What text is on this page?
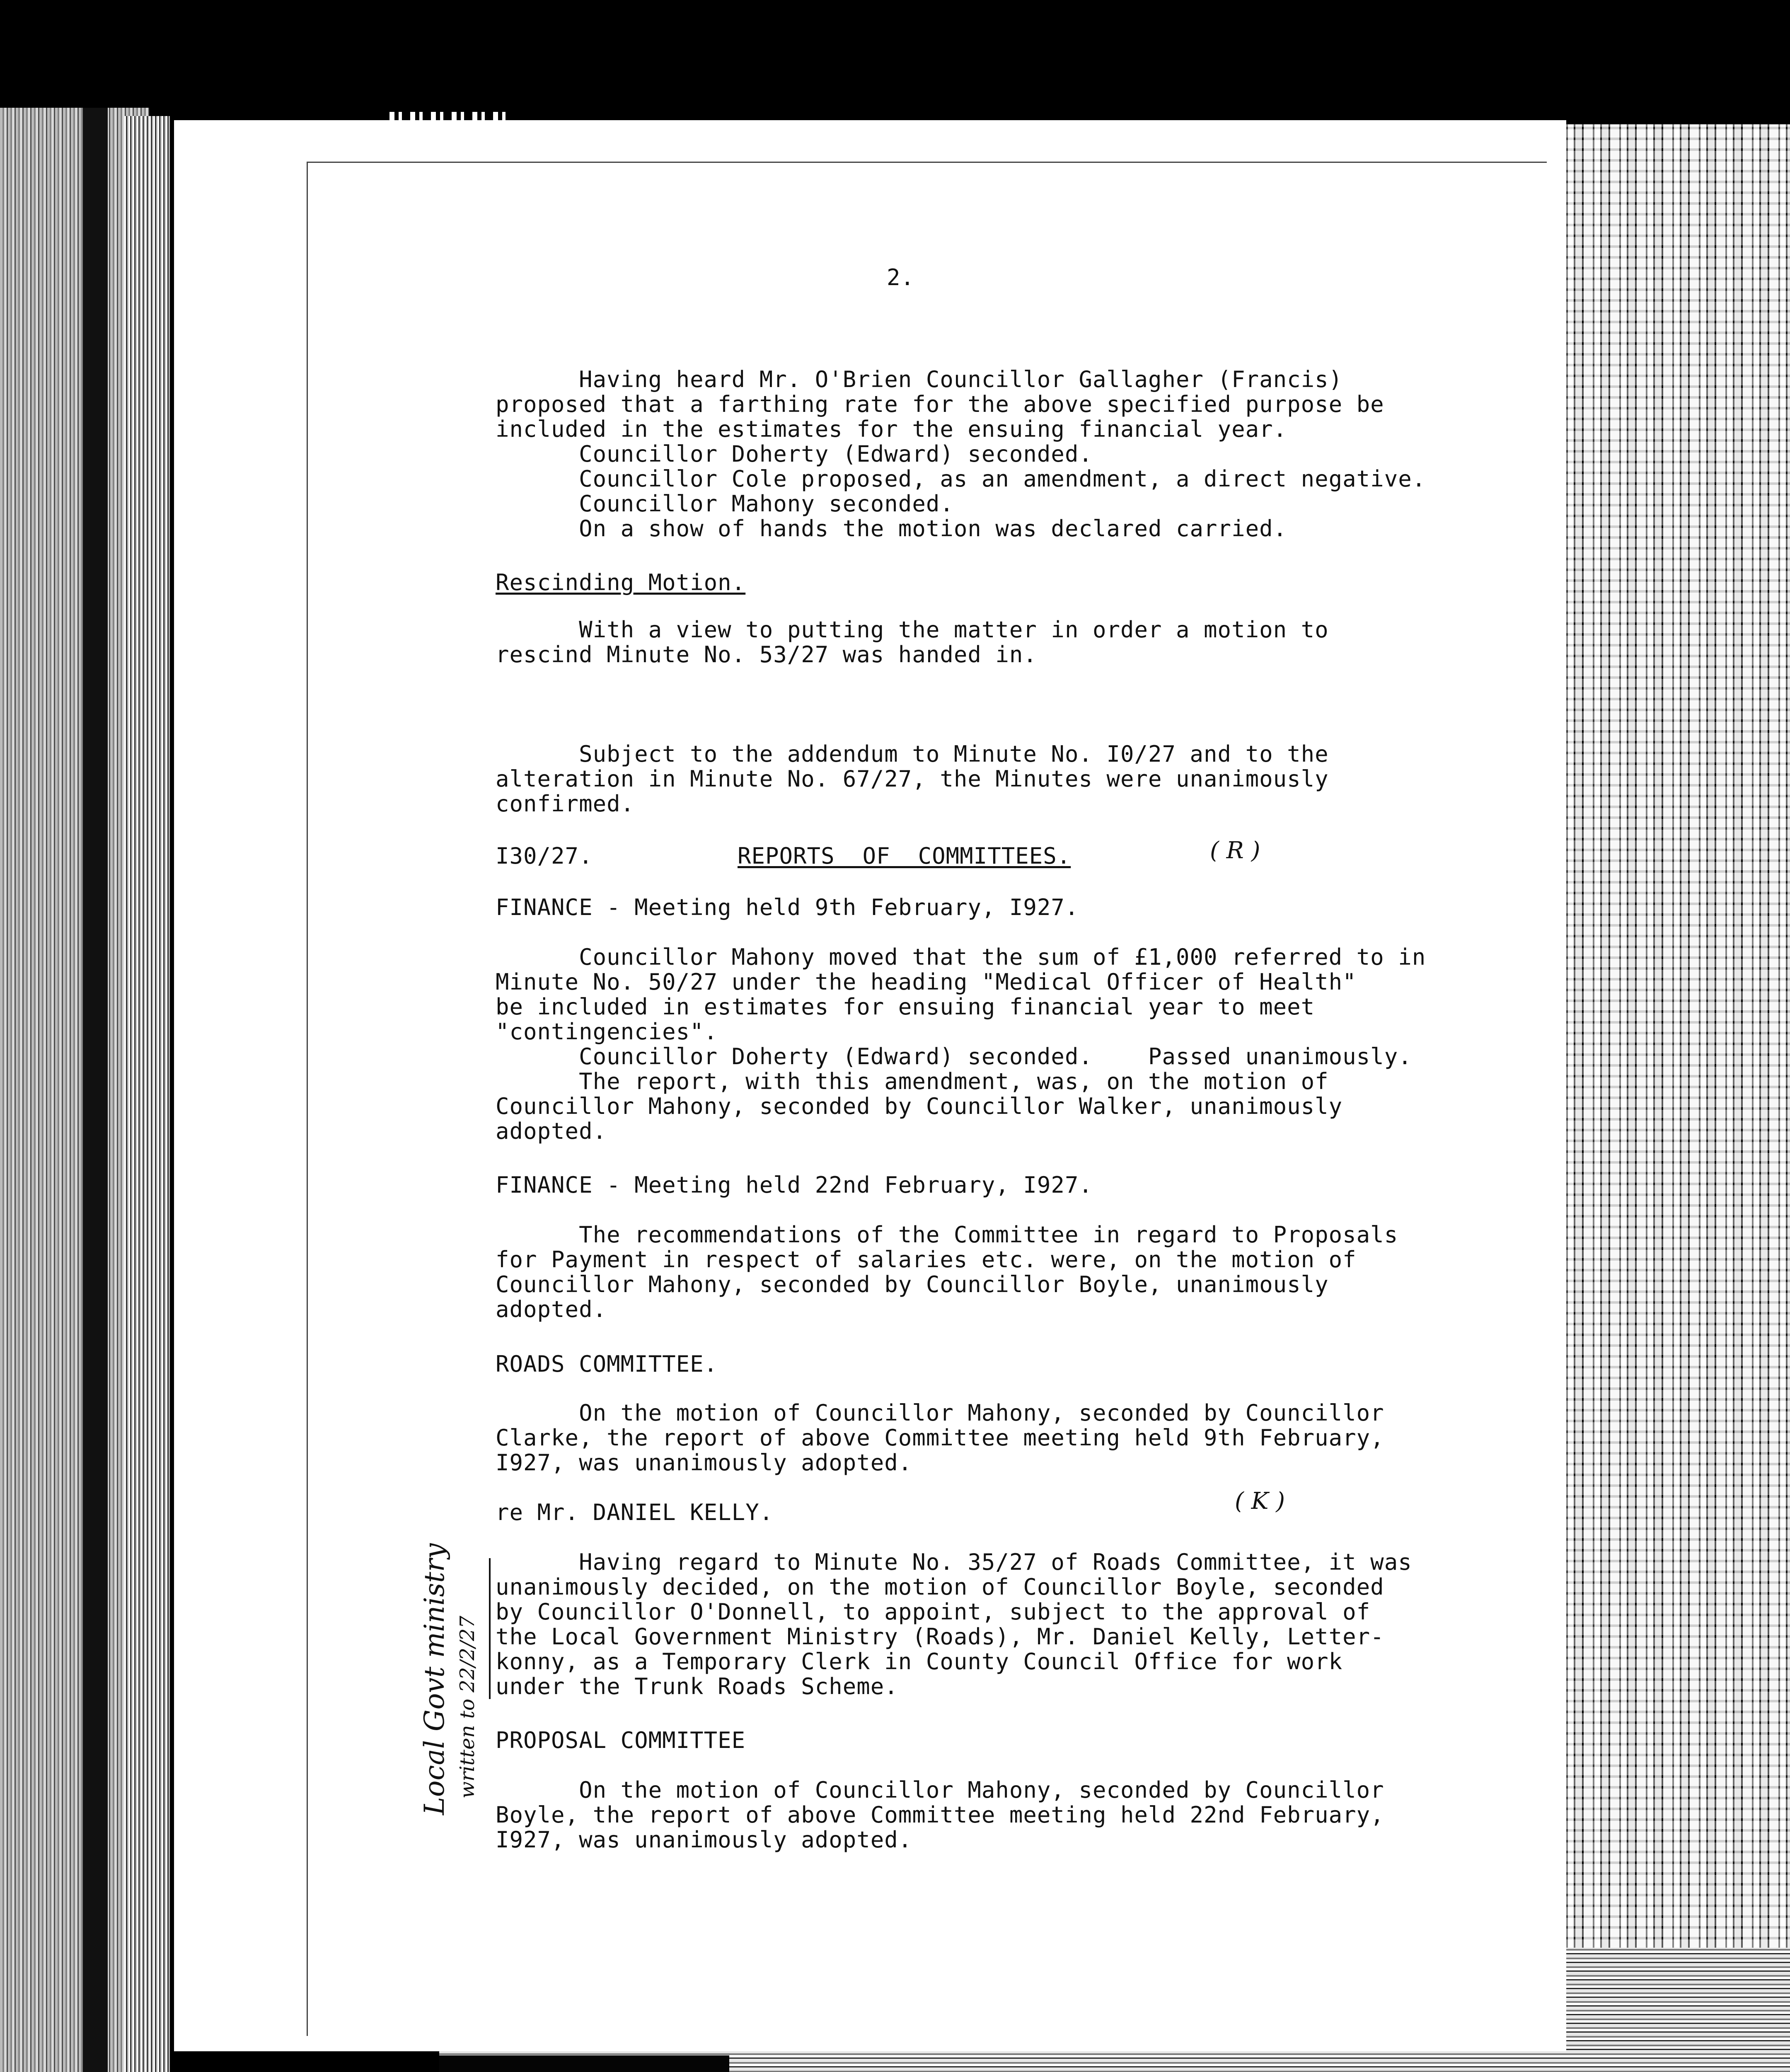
2.
Having heard Mr. O'Brien Councillor Gallagher (Francis)
proposed that a farthing rate for the above specified purpose be
included in the estimates for the ensuing financial year.
Councillor Doherty (Edward) seconded.
Councillor Cole proposed, as an amendment, a direct negative.
Councillor Mahony seconded.
On a show of hands the motion was declared carried.
Rescinding Motion.
With a view to putting the matter in order a motion to
rescind Minute No. 53/27 was handed in.
Subject to the addendum to Minute No. I0/27 and to the
alteration in Minute No. 67/27, the Minutes were unanimously
confirmed.
I30/27.	REPORTS  OF  COMMITTEES.	( R )
FINANCE - Meeting held 9th February, I927.
Councillor Mahony moved that the sum of £1,000 referred to in
Minute No. 50/27 under the heading "Medical Officer of Health"
be included in estimates for ensuing financial year to meet
"contingencies".
Councillor Doherty (Edward) seconded.    Passed unanimously.
The report, with this amendment, was, on the motion of
Councillor Mahony, seconded by Councillor Walker, unanimously
adopted.
FINANCE - Meeting held 22nd February, I927.
The recommendations of the Committee in regard to Proposals
for Payment in respect of salaries etc. were, on the motion of
Councillor Mahony, seconded by Councillor Boyle, unanimously
adopted.
ROADS COMMITTEE.
On the motion of Councillor Mahony, seconded by Councillor
Clarke, the report of above Committee meeting held 9th February,
I927, was unanimously adopted.
re Mr. DANIEL KELLY.	( K )
Having regard to Minute No. 35/27 of Roads Committee, it was
unanimously decided, on the motion of Councillor Boyle, seconded
by Councillor O'Donnell, to appoint, subject to the approval of
the Local Government Ministry (Roads), Mr. Daniel Kelly, Letter-
konny, as a Temporary Clerk in County Council Office for work
under the Trunk Roads Scheme.
PROPOSAL COMMITTEE
On the motion of Councillor Mahony, seconded by Councillor
Boyle, the report of above Committee meeting held 22nd February,
I927, was unanimously adopted.
Local Govt ministry written to 22/2/27
